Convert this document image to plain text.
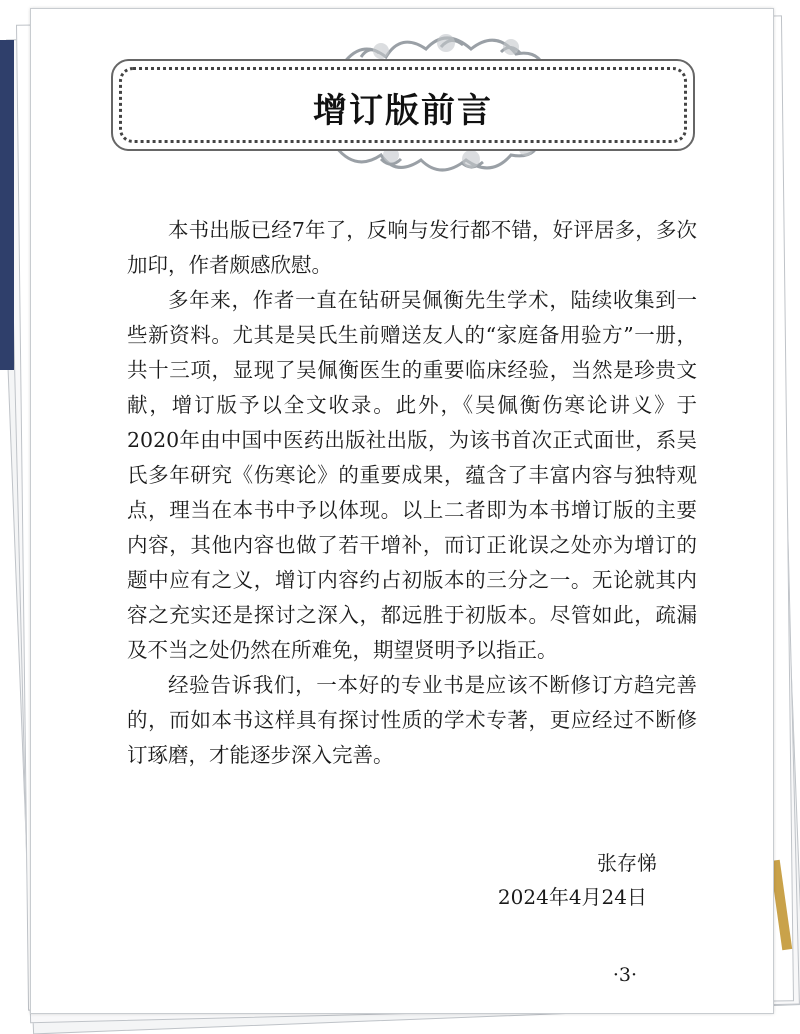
增订版前言

本书出版已经7年了，反响与发行都不错，好评居多，多次加印，作者颇感欣慰。

多年来，作者一直在钻研吴佩衡先生学术，陆续收集到一些新资料。尤其是吴氏生前赠送友人的“家庭备用验方”一册，共十三项，显现了吴佩衡医生的重要临床经验，当然是珍贵文献，增订版予以全文收录。此外，《吴佩衡伤寒论讲义》于2020年由中国中医药出版社出版，为该书首次正式面世，系吴氏多年研究《伤寒论》的重要成果，蕴含了丰富内容与独特观点，理当在本书中予以体现。以上二者即为本书增订版的主要内容，其他内容也做了若干增补，而订正讹误之处亦为增订的题中应有之义，增订内容约占初版本的三分之一。无论就其内容之充实还是探讨之深入，都远胜于初版本。尽管如此，疏漏及不当之处仍然在所难免，期望贤明予以指正。

经验告诉我们，一本好的专业书是应该不断修订方趋完善的，而如本书这样具有探讨性质的学术专著，更应经过不断修订琢磨，才能逐步深入完善。

张存悌
2024年4月24日
·3·
